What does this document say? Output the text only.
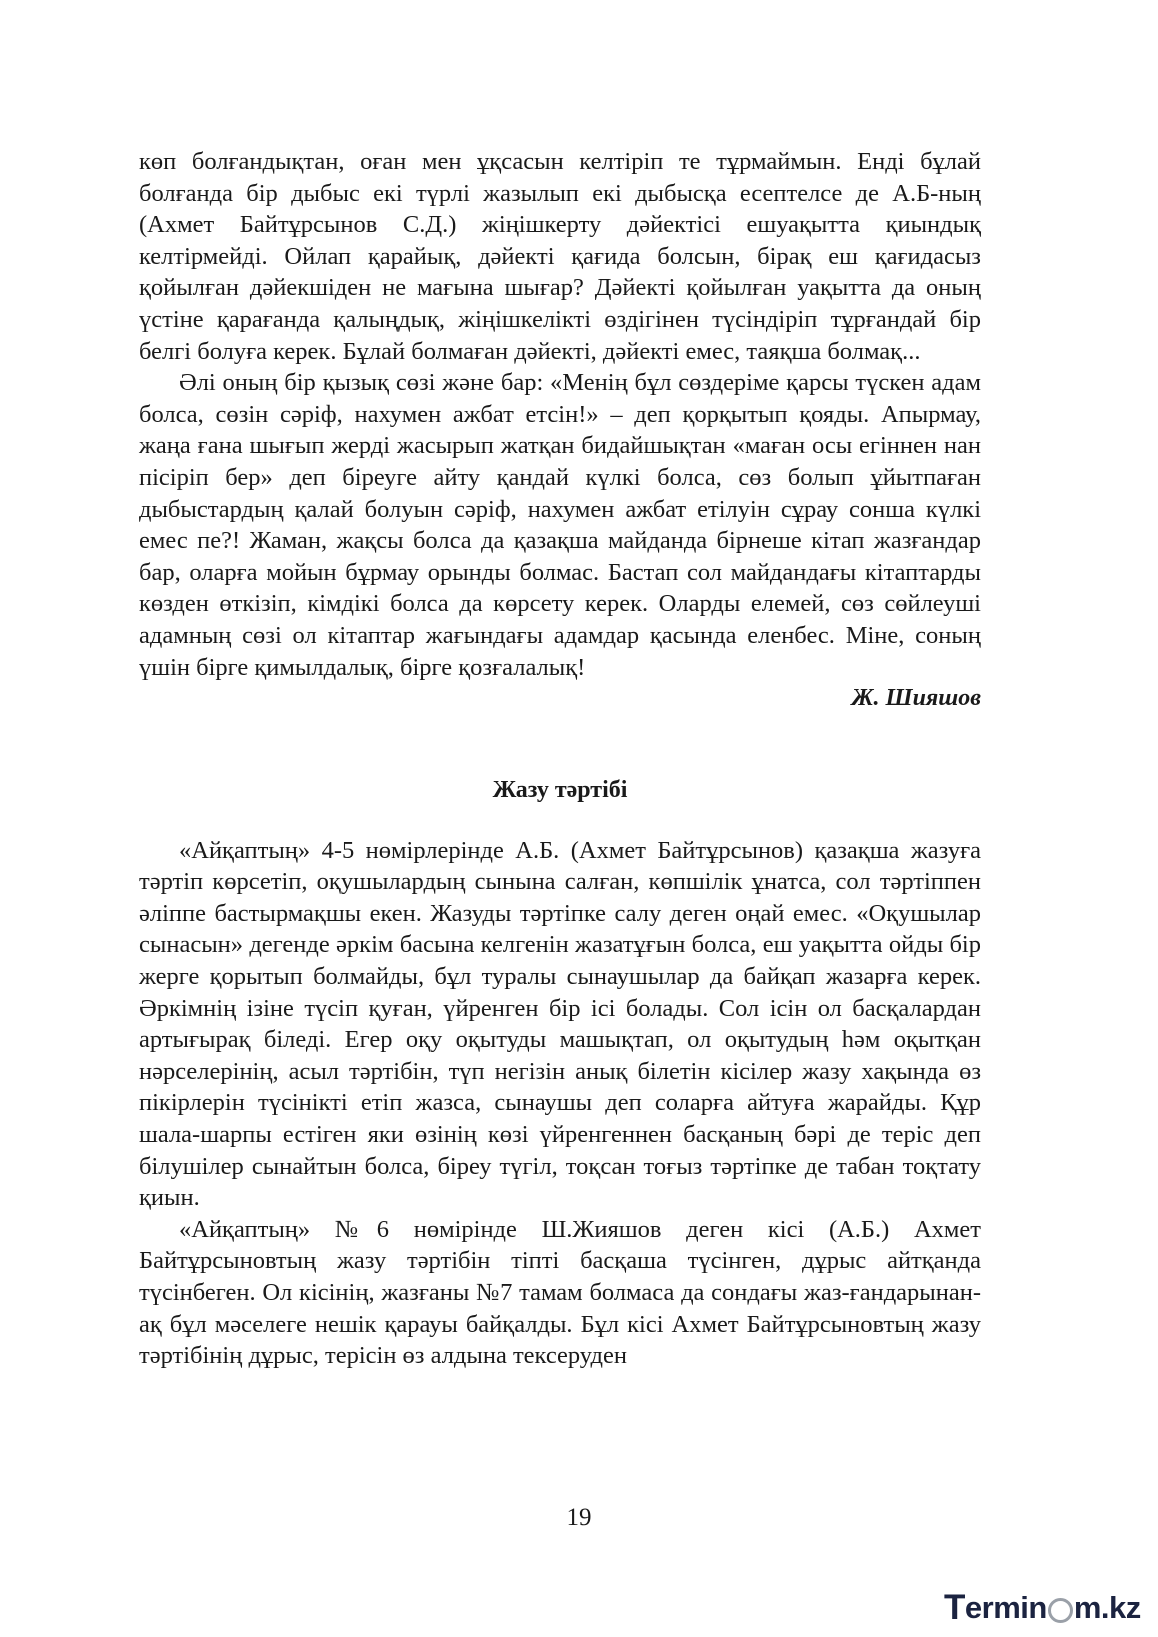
көп болғандықтан, оған мен ұқсасын келтіріп те тұрмаймын. Енді бұлай болғанда бір дыбыс екі түрлі жазылып екі дыбысқа есептелсе де А.Б-ның (Ахмет Байтұрсынов С.Д.) жіңішкерту дәйектісі ешуақытта қиындық келтірмейді. Ойлап қарайық, дәйекті қағида болсын, бірақ еш қағидасыз қойылған дәйекшіден не мағына шығар? Дәйекті қойылған уақытта да оның үстіне қарағанда қалыңдық, жіңішкелікті өздігінен түсіндіріп тұрғандай бір белгі болуға керек. Бұлай болмаған дәйекті, дәйекті емес, таяқша болмақ...

Әлі оның бір қызық сөзі және бар: «Менің бұл сөздеріме қарсы түскен адам болса, сөзін сәріф, нахумен ажбат етсін!» – деп қорқытып қояды. Апырмау, жаңа ғана шығып жерді жасырып жатқан бидайшықтан «маған осы егіннен нан пісіріп бер» деп біреуге айту қандай күлкі болса, сөз болып ұйытпаған дыбыстардың қалай болуын сәріф, нахумен ажбат етілуін сұрау сонша күлкі емес пе?! Жаман, жақсы болса да қазақша майданда бірнеше кітап жазғандар бар, оларға мойын бұрмау орынды болмас. Бастап сол майдандағы кітаптарды көзден өткізіп, кімдікі болса да көрсету керек. Оларды елемей, сөз сөйлеуші адамның сөзі ол кітаптар жағындағы адамдар қасында еленбес. Міне, соның үшін бірге қимылдалық, бірге қозғалалық!

Ж. Шияшов

Жазу тәртібі

«Айқаптың» 4-5 нөмірлерінде А.Б. (Ахмет Байтұрсынов) қазақша жазуға тәртіп көрсетіп, оқушылардың сынына салған, көпшілік ұнатса, сол тәртіппен әліппе бастырмақшы екен. Жазуды тәртіпке салу деген оңай емес. «Оқушылар сынасын» дегенде әркім басына келгенін жазатұғын болса, еш уақытта ойды бір жерге қорытып болмайды, бұл туралы сынаушылар да байқап жазарға керек. Әркімнің ізіне түсіп қуған, үйренген бір ісі болады. Сол ісін ол басқалардан артығырақ біледі. Егер оқу оқытуды машықтап, ол оқытудың һәм оқытқан нәрселерінің, асыл тәртібін, түп негізін анық білетін кісілер жазу хақында өз пікірлерін түсінікті етіп жазса, сынаушы деп соларға айтуға жарайды. Құр шала-шарпы естіген яки өзінің көзі үйренгеннен басқаның бәрі де теріс деп білушілер сынайтын болса, біреу түгіл, тоқсан тоғыз тәртіпке де табан тоқтату қиын.

«Айқаптың» №6 нөмірінде Ш.Жияшов деген кісі (А.Б.) Ахмет Байтұрсыновтың жазу тәртібін тіпті басқаша түсінген, дұрыс айтқанда түсінбеген. Ол кісінің, жазғаны №7 тамам болмаса да сондағы жаз-ғандарынан-ақ бұл мәселеге нешік қарауы байқалды. Бұл кісі Ахмет Байтұрсыновтың жазу тәртібінің дұрыс, терісін өз алдына тексеруден

19
T ermin m.kz
